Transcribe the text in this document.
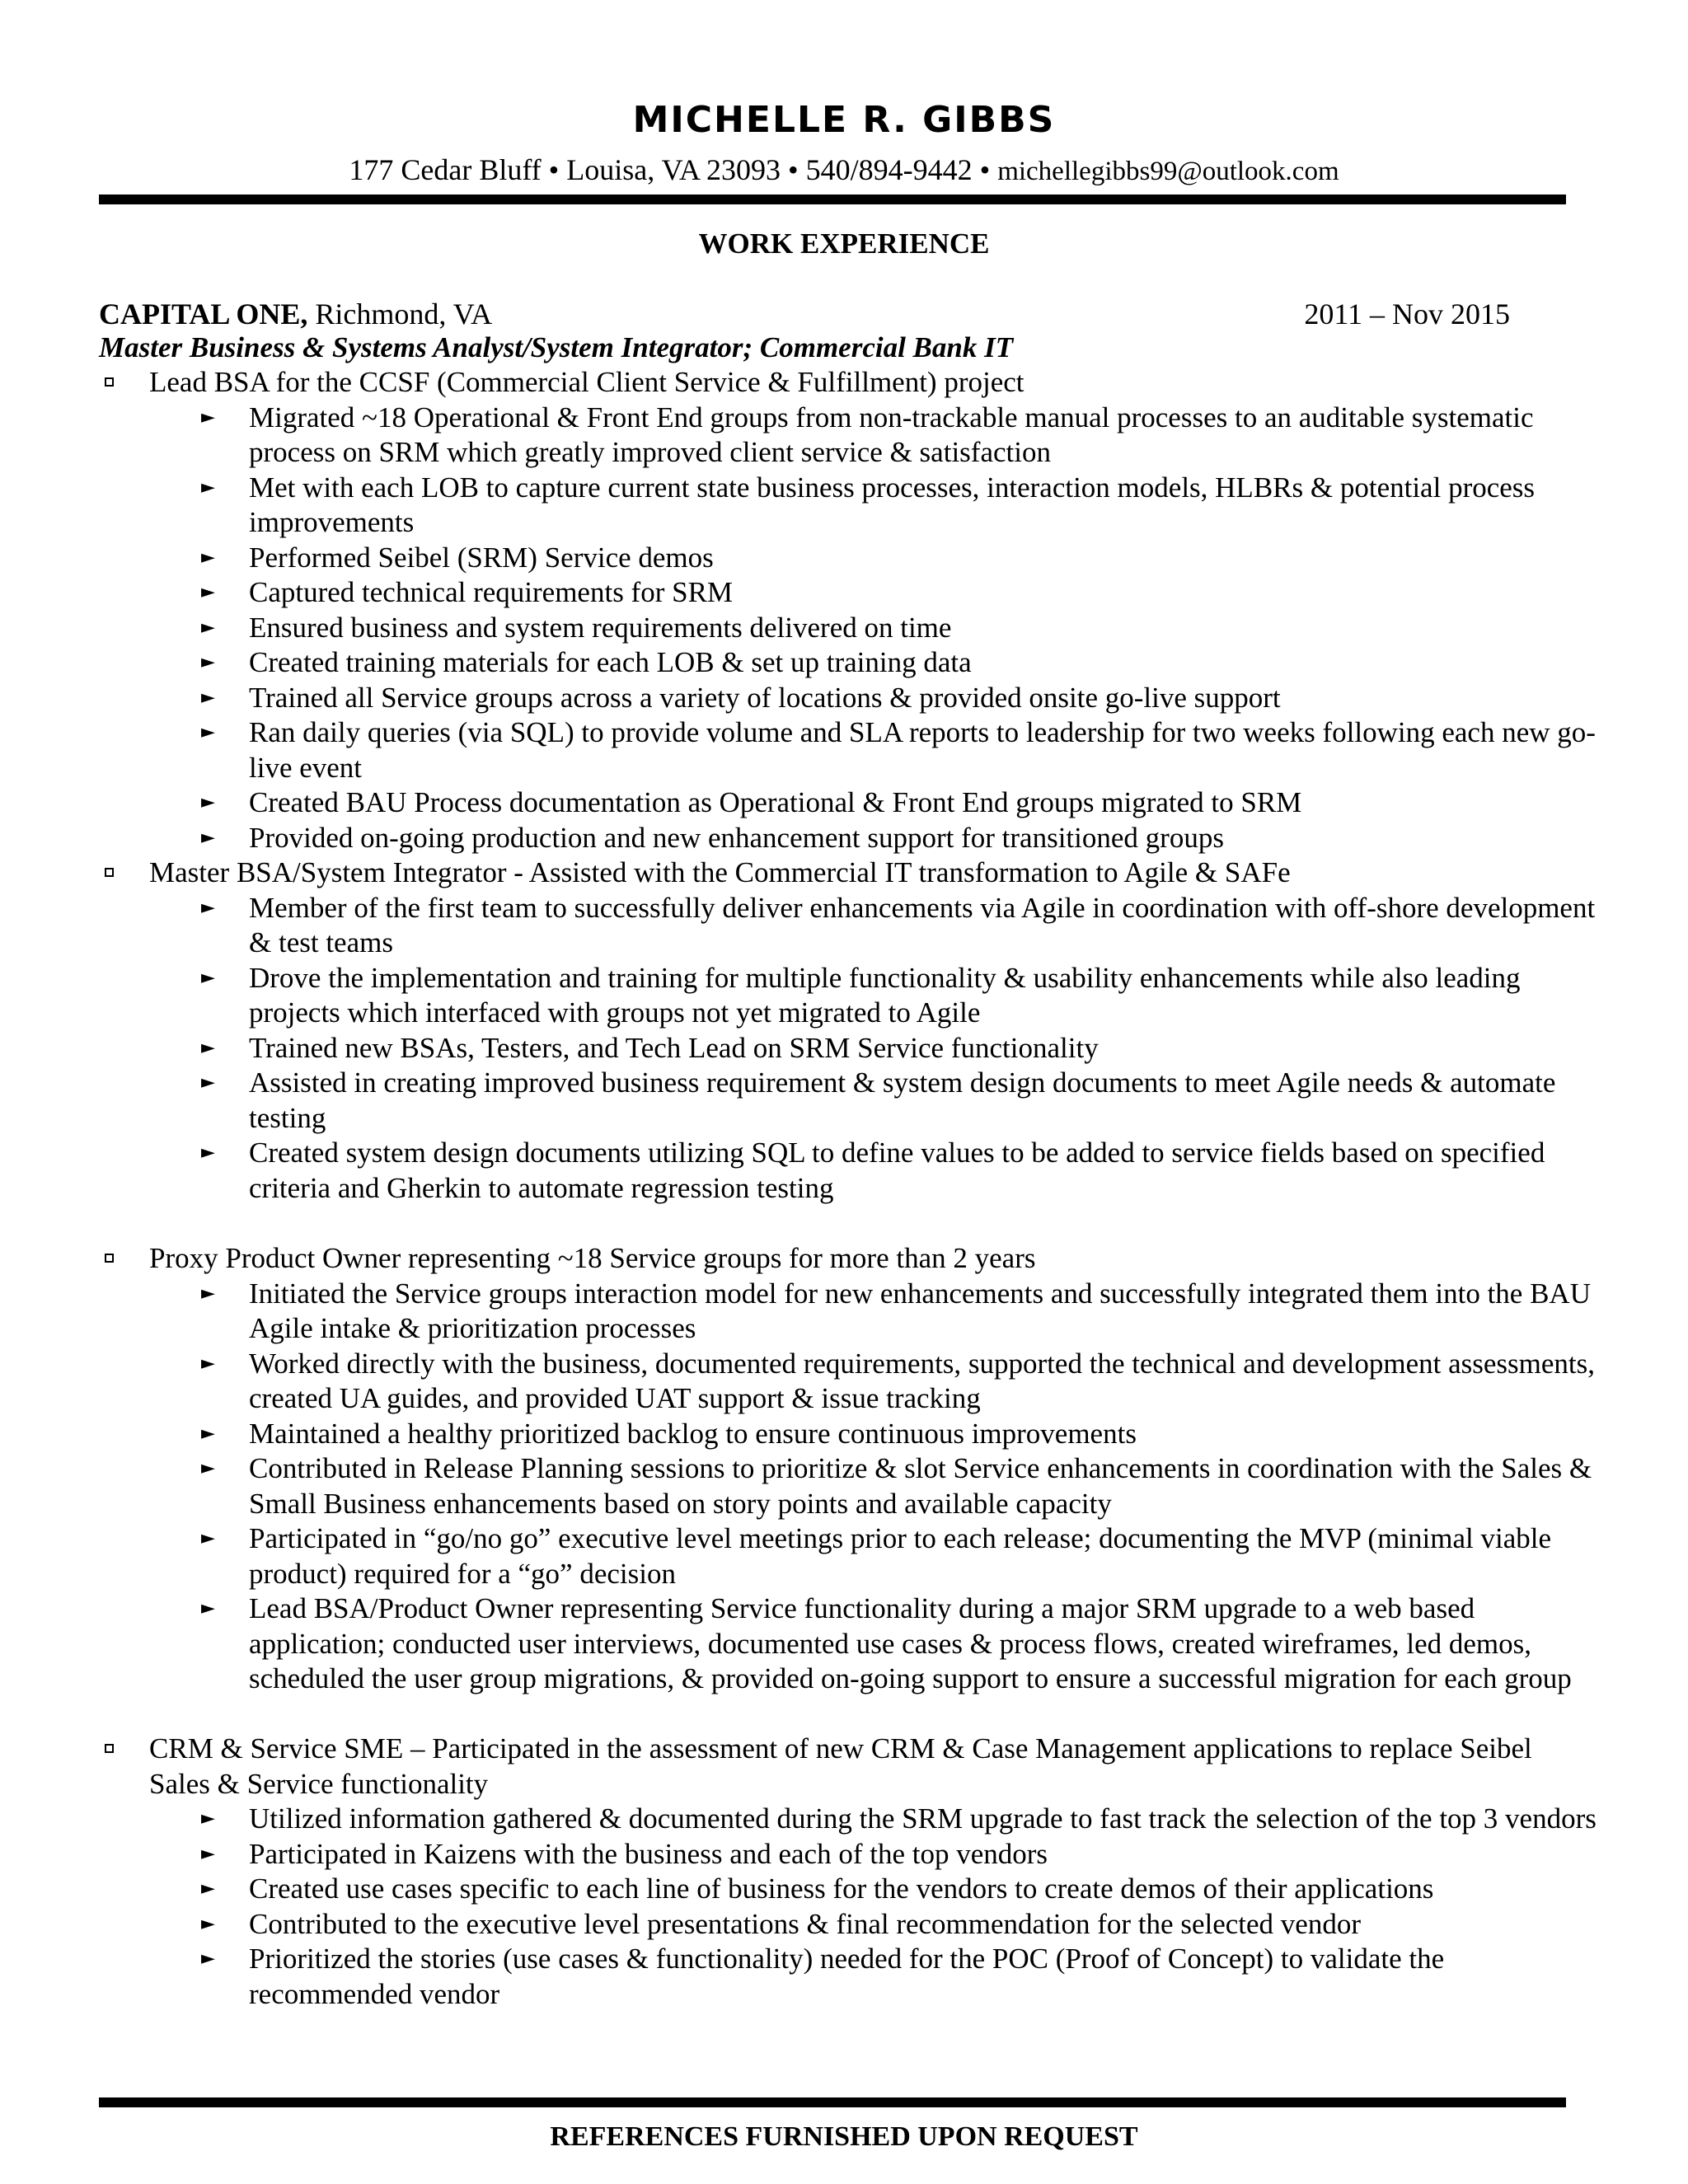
MICHELLE R. GIBBS
177 Cedar Bluff • Louisa, VA 23093 • 540/894-9442 • michellegibbs99@outlook.com
WORK EXPERIENCE
CAPITAL ONE, Richmond, VA	2011 – Nov 2015
Master Business & Systems Analyst/System Integrator; Commercial Bank IT
Lead BSA for the CCSF (Commercial Client Service & Fulfillment) project
► Migrated ~18 Operational & Front End groups from non-trackable manual processes to an auditable systematic process on SRM which greatly improved client service & satisfaction
► Met with each LOB to capture current state business processes, interaction models, HLBRs & potential process improvements
► Performed Seibel (SRM) Service demos
► Captured technical requirements for SRM
► Ensured business and system requirements delivered on time
► Created training materials for each LOB & set up training data
► Trained all Service groups across a variety of locations & provided onsite go-live support
► Ran daily queries (via SQL) to provide volume and SLA reports to leadership for two weeks following each new go-live event
► Created BAU Process documentation as Operational & Front End groups migrated to SRM
► Provided on-going production and new enhancement support for transitioned groups
Master BSA/System Integrator - Assisted with the Commercial IT transformation to Agile & SAFe
► Member of the first team to successfully deliver enhancements via Agile in coordination with off-shore development & test teams
► Drove the implementation and training for multiple functionality & usability enhancements while also leading projects which interfaced with groups not yet migrated to Agile
► Trained new BSAs, Testers, and Tech Lead on SRM Service functionality
► Assisted in creating improved business requirement & system design documents to meet Agile needs & automate testing
► Created system design documents utilizing SQL to define values to be added to service fields based on specified criteria and Gherkin to automate regression testing
Proxy Product Owner representing ~18 Service groups for more than 2 years
► Initiated the Service groups interaction model for new enhancements and successfully integrated them into the BAU Agile intake & prioritization processes
► Worked directly with the business, documented requirements, supported the technical and development assessments, created UA guides, and provided UAT support & issue tracking
► Maintained a healthy prioritized backlog to ensure continuous improvements
► Contributed in Release Planning sessions to prioritize & slot Service enhancements in coordination with the Sales & Small Business enhancements based on story points and available capacity
► Participated in “go/no go” executive level meetings prior to each release; documenting the MVP (minimal viable product) required for a “go” decision
► Lead BSA/Product Owner representing Service functionality during a major SRM upgrade to a web based application; conducted user interviews, documented use cases & process flows, created wireframes, led demos, scheduled the user group migrations, & provided on-going support to ensure a successful migration for each group
CRM & Service SME – Participated in the assessment of new CRM & Case Management applications to replace Seibel Sales & Service functionality
► Utilized information gathered & documented during the SRM upgrade to fast track the selection of the top 3 vendors
► Participated in Kaizens with the business and each of the top vendors
► Created use cases specific to each line of business for the vendors to create demos of their applications
► Contributed to the executive level presentations & final recommendation for the selected vendor
► Prioritized the stories (use cases & functionality) needed for the POC (Proof of Concept) to validate the recommended vendor
REFERENCES FURNISHED UPON REQUEST
